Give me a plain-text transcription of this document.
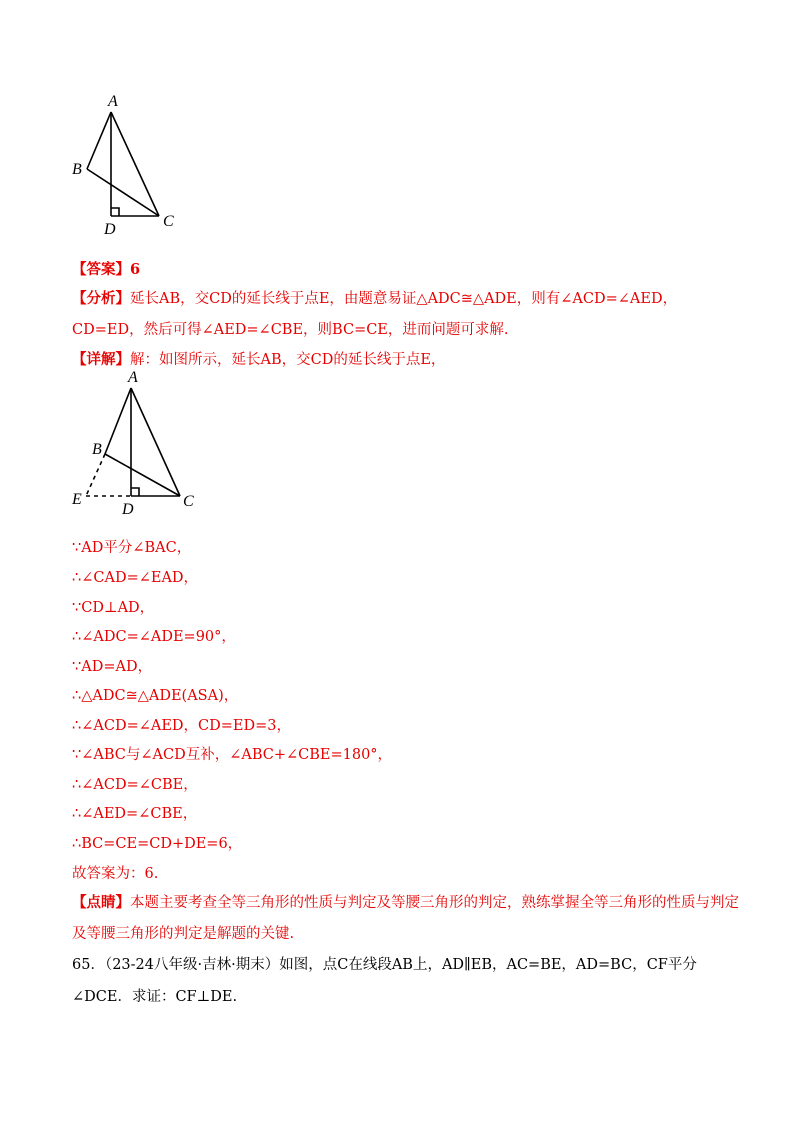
A
B
C
D
【答案】6
【分析】延长AB，交CD的延长线于点E，由题意易证△ADC≅△ADE，则有∠ACD=∠AED，
CD=ED，然后可得∠AED=∠CBE，则BC=CE，进而问题可求解.
【详解】解：如图所示，延长AB，交CD的延长线于点E，
A
B
C
D
E
∵AD平分∠BAC，
∴∠CAD=∠EAD，
∵CD⊥AD，
∴∠ADC=∠ADE=90°，
∵AD=AD，
∴△ADC≅△ADE(ASA)，
∴∠ACD=∠AED，CD=ED=3，
∵∠ABC与∠ACD互补，∠ABC+∠CBE=180°，
∴∠ACD=∠CBE，
∴∠AED=∠CBE，
∴BC=CE=CD+DE=6，
故答案为：6.
【点睛】本题主要考查全等三角形的性质与判定及等腰三角形的判定，熟练掌握全等三角形的性质与判定
及等腰三角形的判定是解题的关键.
65．（23-24八年级·吉林·期末）如图，点C在线段AB上，AD∥EB，AC=BE，AD=BC，CF平分
∠DCE．求证：CF⊥DE.
